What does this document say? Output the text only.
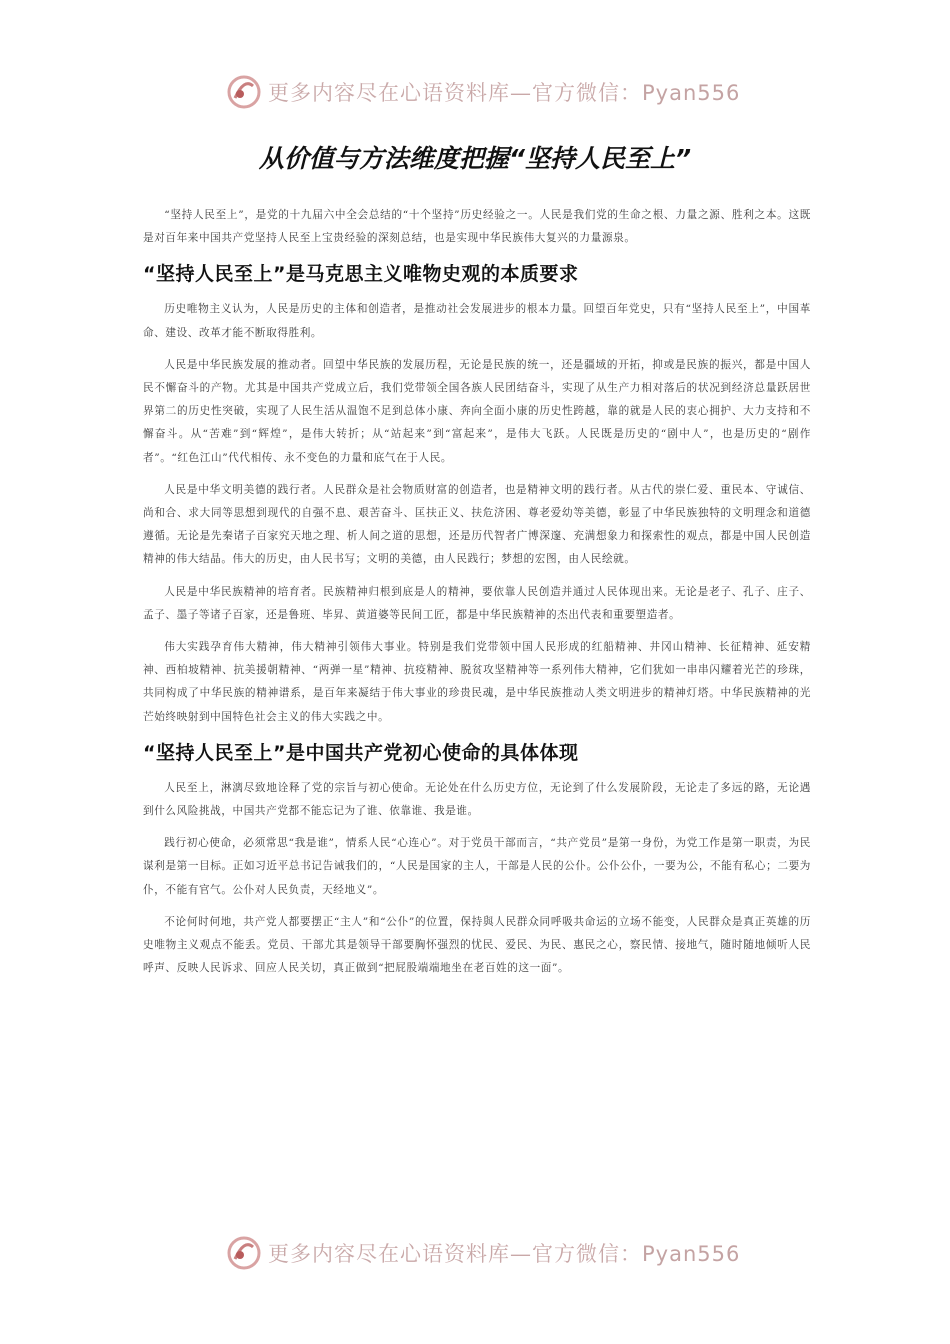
更多内容尽在心语资料库—官方微信：Pyan556
从价值与方法维度把握“坚持人民至上”

“坚持人民至上”，是党的十九届六中全会总结的“十个坚持”历史经验之一。人民是我们党的生命之根、力量之源、胜利之本。这既是对百年来中国共产党坚持人民至上宝贵经验的深刻总结，也是实现中华民族伟大复兴的力量源泉。

“坚持人民至上”是马克思主义唯物史观的本质要求

历史唯物主义认为，人民是历史的主体和创造者，是推动社会发展进步的根本力量。回望百年党史，只有“坚持人民至上”，中国革命、建设、改革才能不断取得胜利。

人民是中华民族发展的推动者。回望中华民族的发展历程，无论是民族的统一，还是疆域的开拓，抑或是民族的振兴，都是中国人民不懈奋斗的产物。尤其是中国共产党成立后，我们党带领全国各族人民团结奋斗，实现了从生产力相对落后的状况到经济总量跃居世界第二的历史性突破，实现了人民生活从温饱不足到总体小康、奔向全面小康的历史性跨越，靠的就是人民的衷心拥护、大力支持和不懈奋斗。从“苦难”到“辉煌”，是伟大转折；从“站起来”到“富起来”，是伟大飞跃。人民既是历史的“剧中人”，也是历史的“剧作者”。“红色江山”代代相传、永不变色的力量和底气在于人民。

人民是中华文明美德的践行者。人民群众是社会物质财富的创造者，也是精神文明的践行者。从古代的崇仁爱、重民本、守诚信、尚和合、求大同等思想到现代的自强不息、艰苦奋斗、匡扶正义、扶危济困、尊老爱幼等美德，彰显了中华民族独特的文明理念和道德遵循。无论是先秦诸子百家究天地之理、析人间之道的思想，还是历代智者广博深邃、充满想象力和探索性的观点，都是中国人民创造精神的伟大结晶。伟大的历史，由人民书写；文明的美德，由人民践行；梦想的宏图，由人民绘就。

人民是中华民族精神的培育者。民族精神归根到底是人的精神，要依靠人民创造并通过人民体现出来。无论是老子、孔子、庄子、孟子、墨子等诸子百家，还是鲁班、毕昇、黄道婆等民间工匠，都是中华民族精神的杰出代表和重要塑造者。

伟大实践孕育伟大精神，伟大精神引领伟大事业。特别是我们党带领中国人民形成的红船精神、井冈山精神、长征精神、延安精神、西柏坡精神、抗美援朝精神、“两弹一星”精神、抗疫精神、脱贫攻坚精神等一系列伟大精神，它们犹如一串串闪耀着光芒的珍珠，共同构成了中华民族的精神谱系，是百年来凝结于伟大事业的珍贵民魂，是中华民族推动人类文明进步的精神灯塔。中华民族精神的光芒始终映射到中国特色社会主义的伟大实践之中。

“坚持人民至上”是中国共产党初心使命的具体体现

人民至上，淋漓尽致地诠释了党的宗旨与初心使命。无论处在什么历史方位，无论到了什么发展阶段，无论走了多远的路，无论遇到什么风险挑战，中国共产党都不能忘记为了谁、依靠谁、我是谁。

践行初心使命，必须常思“我是谁”，情系人民“心连心”。对于党员干部而言，“共产党员”是第一身份，为党工作是第一职责，为民谋利是第一目标。正如习近平总书记告诫我们的，“人民是国家的主人，干部是人民的公仆。公仆公仆，一要为公，不能有私心；二要为仆，不能有官气。公仆对人民负责，天经地义”。

不论何时何地，共产党人都要摆正“主人”和“公仆”的位置，保持與人民群众同呼吸共命运的立场不能变，人民群众是真正英雄的历史唯物主义观点不能丢。党员、干部尤其是领导干部要胸怀强烈的忧民、爱民、为民、惠民之心，察民情、接地气，随时随地倾听人民呼声、反映人民诉求、回应人民关切，真正做到“把屁股端端地坐在老百姓的这一面”。

更多内容尽在心语资料库—官方微信：Pyan556
